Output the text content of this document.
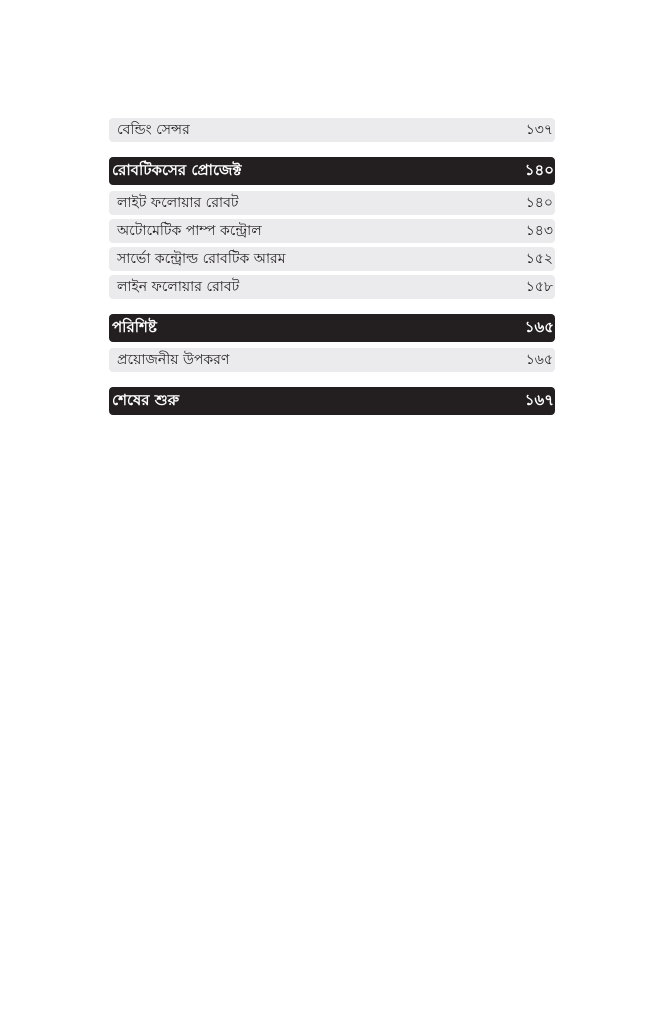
বেন্ডিং সেন্সর	১৩৭
রোবটিকসের প্রোজেক্ট	১৪০
লাইট ফলোয়ার রোবট	১৪০
অটোমেটিক পাম্প কন্ট্রোল	১৪৩
সার্ভো কন্ট্রোল্ড রোবটিক আরম	১৫২
লাইন ফলোয়ার রোবট	১৫৮
পরিশিষ্ট	১৬৫
প্রয়োজনীয় উপকরণ	১৬৫
শেষের শুরু	১৬৭
